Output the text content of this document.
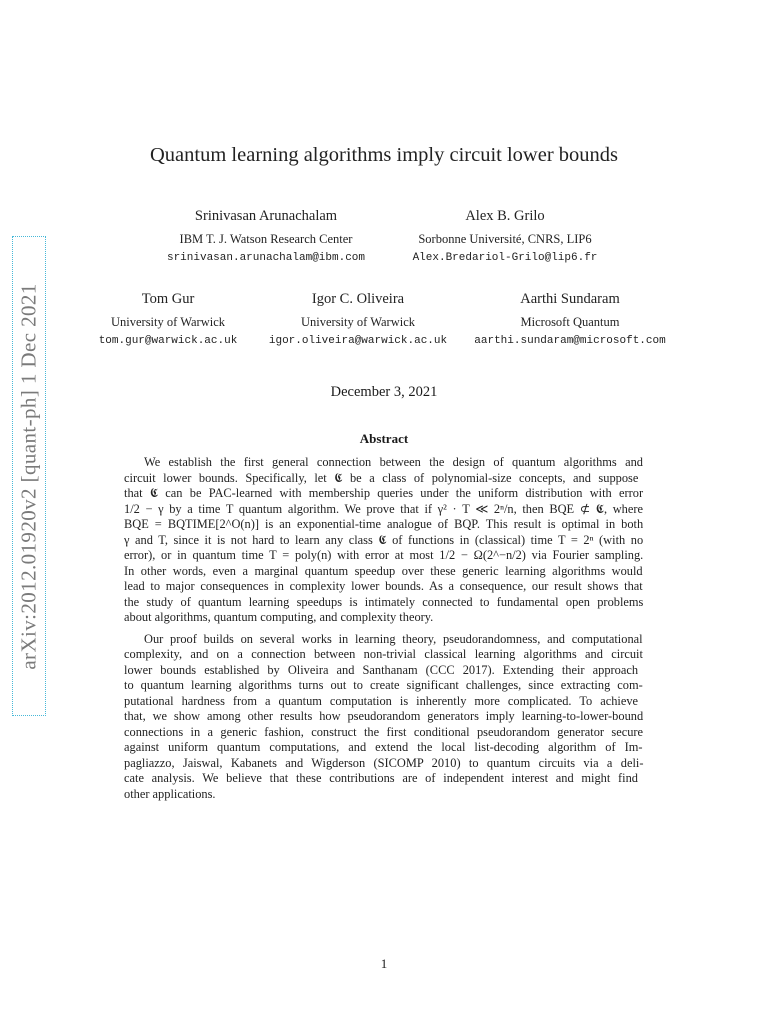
arXiv:2012.01920v2 [quant-ph] 1 Dec 2021
Quantum learning algorithms imply circuit lower bounds
Srinivasan Arunachalam
IBM T. J. Watson Research Center
srinivasan.arunachalam@ibm.com
Alex B. Grilo
Sorbonne Université, CNRS, LIP6
Alex.Bredariol-Grilo@lip6.fr
Tom Gur
University of Warwick
tom.gur@warwick.ac.uk
Igor C. Oliveira
University of Warwick
igor.oliveira@warwick.ac.uk
Aarthi Sundaram
Microsoft Quantum
aarthi.sundaram@microsoft.com
December 3, 2021
Abstract
We establish the first general connection between the design of quantum algorithms and
circuit lower bounds. Specifically, let 𝕮 be a class of polynomial-size concepts, and suppose
that 𝕮 can be PAC-learned with membership queries under the uniform distribution with error
1/2 − γ by a time T quantum algorithm. We prove that if γ² · T ≪ 2ⁿ/n, then BQE ⊄ 𝕮, where
BQE = BQTIME[2^O(n)] is an exponential-time analogue of BQP. This result is optimal in both
γ and T, since it is not hard to learn any class 𝕮 of functions in (classical) time T = 2ⁿ (with no
error), or in quantum time T = poly(n) with error at most 1/2 − Ω(2^−n/2) via Fourier sampling.
In other words, even a marginal quantum speedup over these generic learning algorithms would
lead to major consequences in complexity lower bounds. As a consequence, our result shows that
the study of quantum learning speedups is intimately connected to fundamental open problems
about algorithms, quantum computing, and complexity theory.
Our proof builds on several works in learning theory, pseudorandomness, and computational
complexity, and on a connection between non-trivial classical learning algorithms and circuit
lower bounds established by Oliveira and Santhanam (CCC 2017). Extending their approach
to quantum learning algorithms turns out to create significant challenges, since extracting com-
putational hardness from a quantum computation is inherently more complicated. To achieve
that, we show among other results how pseudorandom generators imply learning-to-lower-bound
connections in a generic fashion, construct the first conditional pseudorandom generator secure
against uniform quantum computations, and extend the local list-decoding algorithm of Im-
pagliazzo, Jaiswal, Kabanets and Wigderson (SICOMP 2010) to quantum circuits via a deli-
cate analysis. We believe that these contributions are of independent interest and might find
other applications.
1
